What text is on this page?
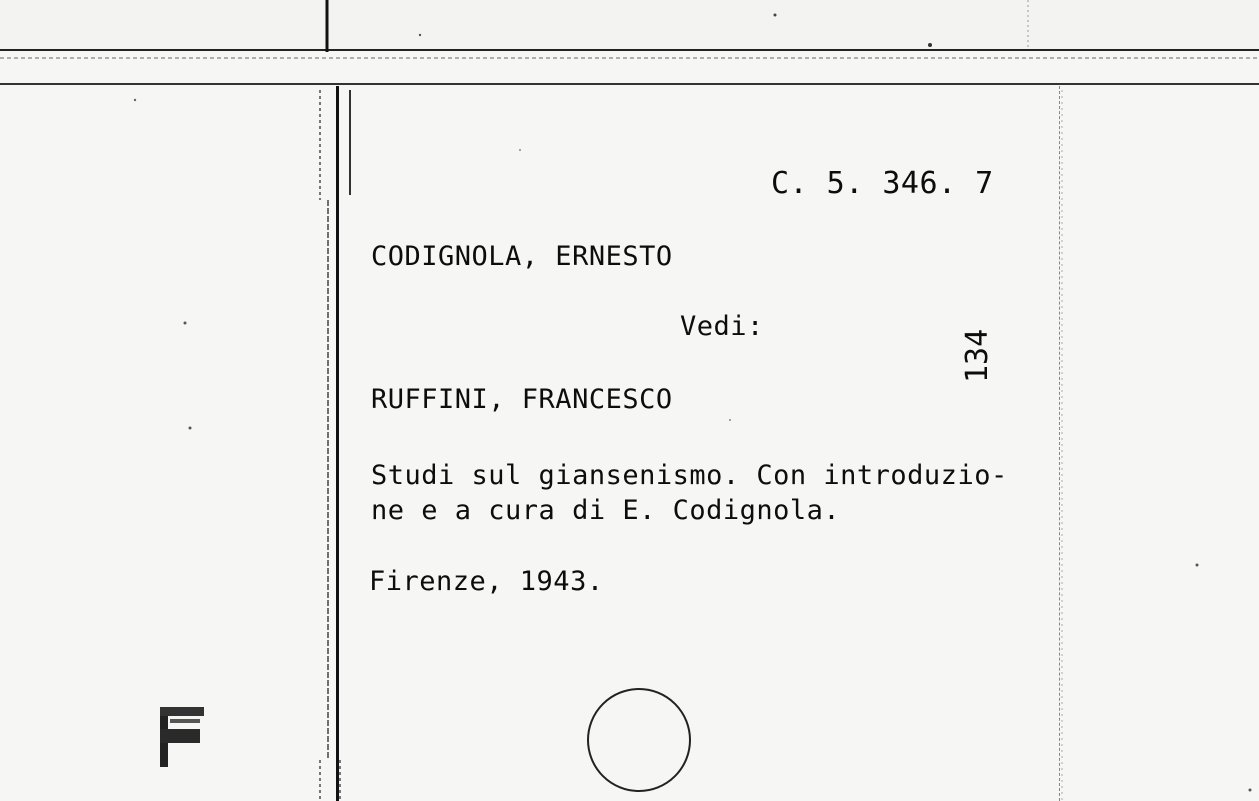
C. 5. 346. 7
CODIGNOLA, ERNESTO
Vedi:
RUFFINI, FRANCESCO
Studi sul giansenismo. Con introduzio-
ne e a cura di E. Codignola.
Firenze, 1943.
134
